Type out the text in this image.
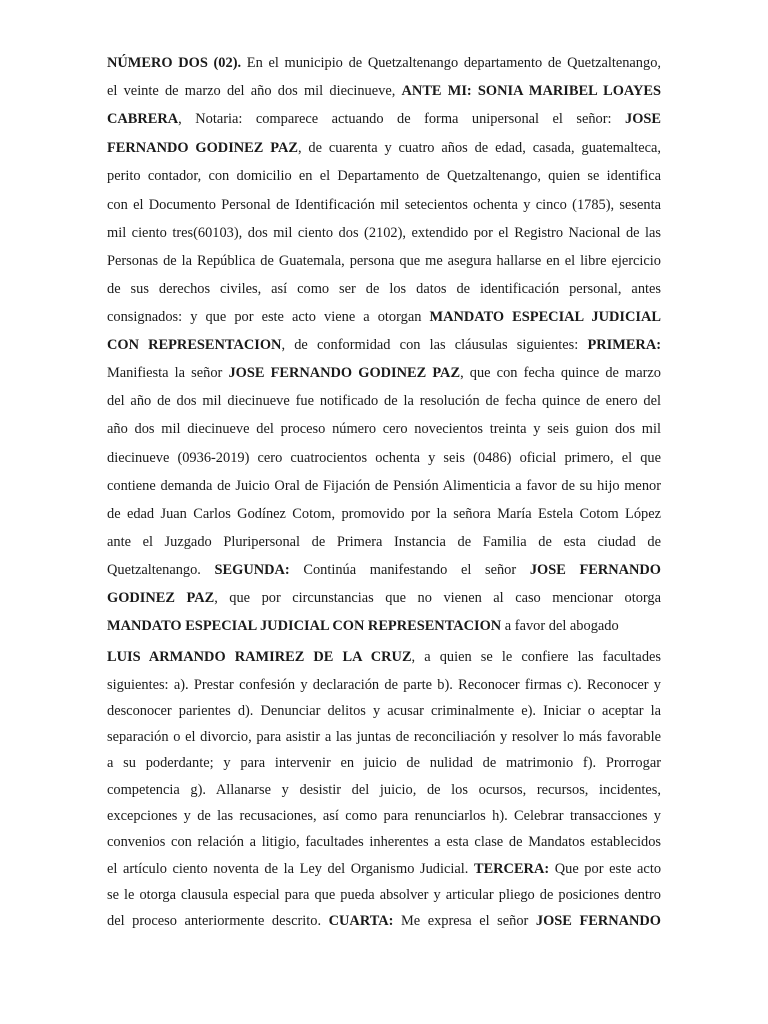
NÚMERO DOS (02). En el municipio de Quetzaltenango departamento de Quetzaltenango,
el veinte de marzo del año dos mil diecinueve, ANTE MI: SONIA MARIBEL LOAYES
CABRERA, Notaria: comparece actuando de forma unipersonal el señor: JOSE
FERNANDO GODINEZ PAZ, de cuarenta y cuatro años de edad, casada, guatemalteca,
perito contador, con domicilio en el Departamento de Quetzaltenango, quien se identifica
con el Documento Personal de Identificación mil setecientos ochenta y cinco (1785), sesenta
mil ciento tres(60103), dos mil ciento dos (2102), extendido por el Registro Nacional de las
Personas de la República de Guatemala, persona que me asegura hallarse en el libre ejercicio
de sus derechos civiles, así como ser de los datos de identificación personal, antes
consignados: y que por este acto viene a otorgan MANDATO ESPECIAL JUDICIAL
CON REPRESENTACION, de conformidad con las cláusulas siguientes: PRIMERA:
Manifiesta la señor JOSE FERNANDO GODINEZ PAZ, que con fecha quince de marzo
del año de dos mil diecinueve fue notificado de la resolución de fecha quince de enero del
año dos mil diecinueve del proceso número cero novecientos treinta y seis guion dos mil
diecinueve (0936-2019) cero cuatrocientos ochenta y seis (0486) oficial primero, el que
contiene demanda de Juicio Oral de Fijación de Pensión Alimenticia a favor de su hijo menor
de edad Juan Carlos Godínez Cotom, promovido por la señora María Estela Cotom López
ante el Juzgado Pluripersonal de Primera Instancia de Familia de esta ciudad de
Quetzaltenango. SEGUNDA: Continúa manifestando el señor JOSE FERNANDO
GODINEZ PAZ, que por circunstancias que no vienen al caso mencionar otorga
MANDATO ESPECIAL JUDICIAL CON REPRESENTACION a favor del abogado
LUIS ARMANDO RAMIREZ DE LA CRUZ, a quien se le confiere las facultades
siguientes: a). Prestar confesión y declaración de parte b). Reconocer firmas c). Reconocer y
desconocer parientes d). Denunciar delitos y acusar criminalmente e). Iniciar o aceptar la
separación o el divorcio, para asistir a las juntas de reconciliación y resolver lo más favorable
a su poderdante; y para intervenir en juicio de nulidad de matrimonio f). Prorrogar
competencia g). Allanarse y desistir del juicio, de los ocursos, recursos, incidentes,
excepciones y de las recusaciones, así como para renunciarlos h). Celebrar transacciones y
convenios con relación a litigio, facultades inherentes a esta clase de Mandatos establecidos
el artículo ciento noventa de la Ley del Organismo Judicial. TERCERA: Que por este acto
se le otorga clausula especial para que pueda absolver y articular pliego de posiciones dentro
del proceso anteriormente descrito. CUARTA: Me expresa el señor JOSE FERNANDO
